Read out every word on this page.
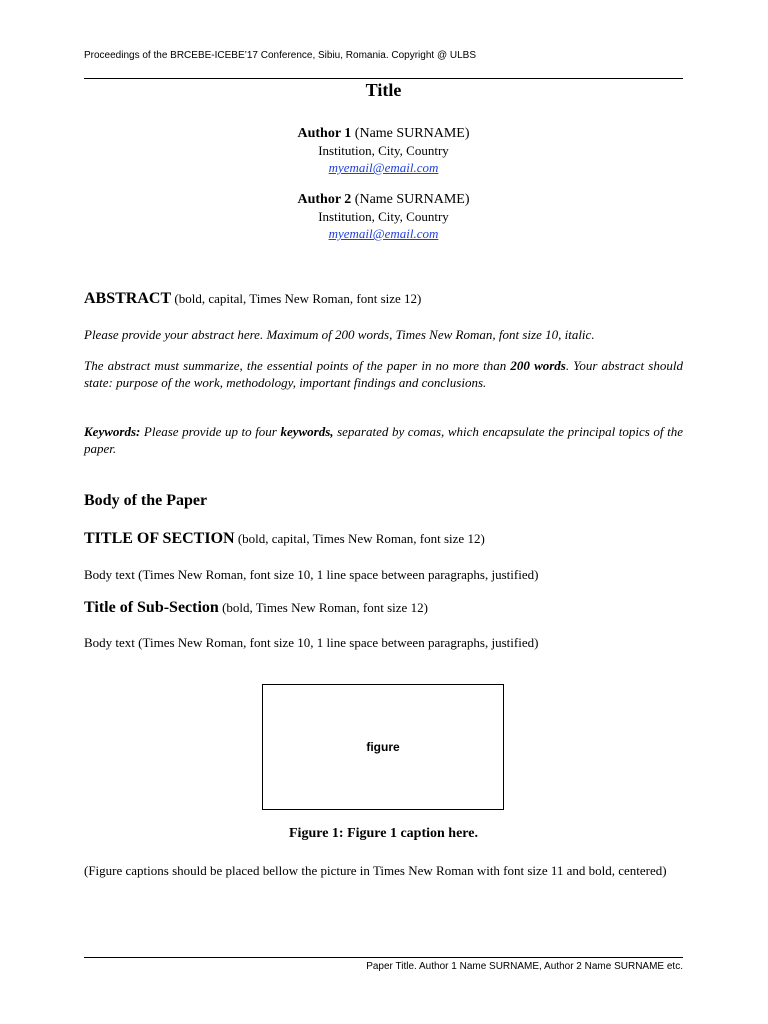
Proceedings of the BRCEBE-ICEBE’17 Conference, Sibiu, Romania. Copyright @ ULBS
Title
Author 1 (Name SURNAME)
Institution, City, Country
myemail@email.com
Author 2 (Name SURNAME)
Institution, City, Country
myemail@email.com
ABSTRACT (bold, capital, Times New Roman, font size 12)
Please provide your abstract here. Maximum of 200 words, Times New Roman, font size 10, italic.
The abstract must summarize, the essential points of the paper in no more than 200 words. Your abstract should state: purpose of the work, methodology, important findings and conclusions.
Keywords: Please provide up to four keywords, separated by comas, which encapsulate the principal topics of the paper.
Body of the Paper
TITLE OF SECTION (bold, capital, Times New Roman, font size 12)
Body text (Times New Roman, font size 10, 1 line space between paragraphs, justified)
Title of Sub-Section (bold, Times New Roman, font size 12)
Body text (Times New Roman, font size 10, 1 line space between paragraphs, justified)
figure
Figure 1: Figure 1 caption here.
(Figure captions should be placed bellow the picture in Times New Roman with font size 11 and bold, centered)
Paper Title. Author 1 Name SURNAME, Author 2 Name SURNAME etc.
